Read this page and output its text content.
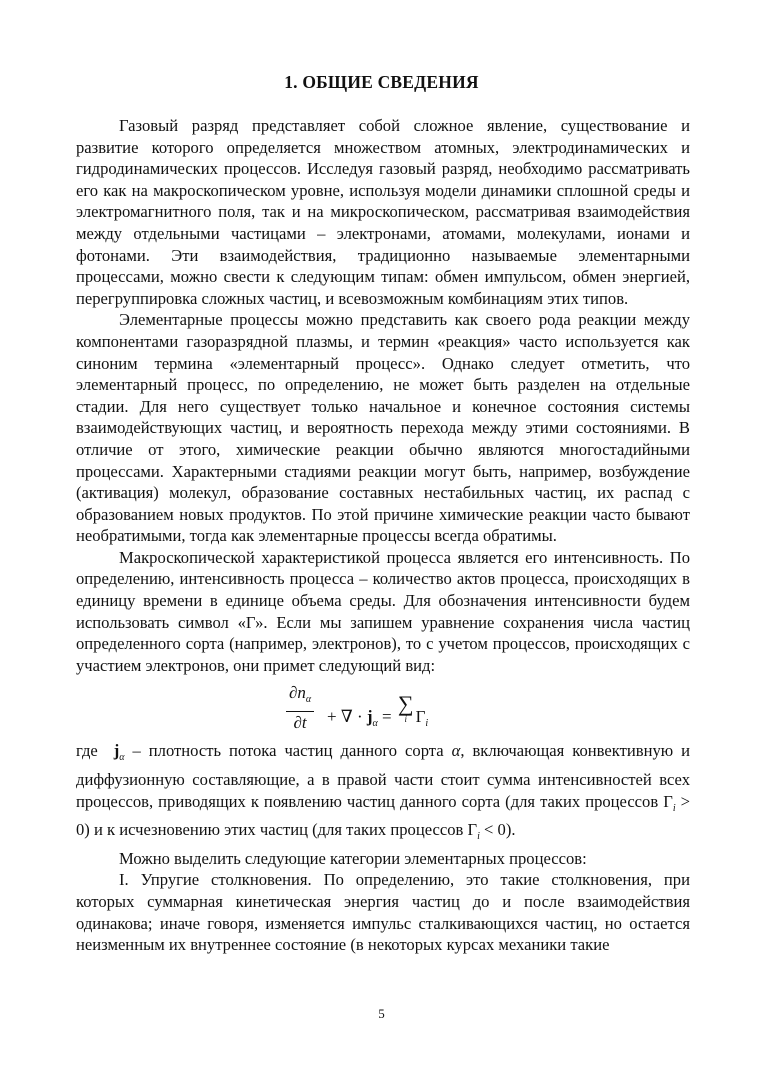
1. ОБЩИЕ СВЕДЕНИЯ

Газовый разряд представляет собой сложное явление, существование и развитие которого определяется множеством атомных, электродинамических и гидродинамических процессов. Исследуя газовый разряд, необходимо рассматривать его как на макроскопическом уровне, используя модели динамики сплошной среды и электромагнитного поля, так и на микроскопическом, рассматривая взаимодействия между отдельными частицами – электронами, атомами, молекулами, ионами и фотонами. Эти взаимодействия, традиционно называемые элементарными процессами, можно свести к следующим типам: обмен импульсом, обмен энергией, перегруппировка сложных частиц, и всевозможным комбинациям этих типов.

Элементарные процессы можно представить как своего рода реакции между компонентами газоразрядной плазмы, и термин «реакция» часто используется как синоним термина «элементарный процесс». Однако следует отметить, что элементарный процесс, по определению, не может быть разделен на отдельные стадии. Для него существует только начальное и конечное состояния системы взаимодействующих частиц, и вероятность перехода между этими состояниями. В отличие от этого, химические реакции обычно являются многостадийными процессами. Характерными стадиями реакции могут быть, например, возбуждение (активация) молекул, образование составных нестабильных частиц, их распад с образованием новых продуктов. По этой причине химические реакции часто бывают необратимыми, тогда как элементарные процессы всегда обратимы.

Макроскопической характеристикой процесса является его интенсивность. По определению, интенсивность процесса – количество актов процесса, происходящих в единицу времени в единице объема среды. Для обозначения интенсивности будем использовать символ «Г». Если мы запишем уравнение сохранения числа частиц определенного сорта (например, электронов), то с учетом процессов, происходящих с участием электронов, они примет следующий вид:

$\partial n_\alpha$
∂t	+ ∇ · $j_\alpha$ =
∑
i $\Gamma_i$

где $j_\alpha$ – плотность потока частиц данного сорта α, включающая конвективную и диффузионную составляющие, а в правой части стоит сумма интенсивностей всех процессов, приводящих к появлению частиц данного сорта (для таких процессов $\Gamma_i > 0$) и к исчезновению этих частиц (для таких процессов $\Gamma_i < 0$).

Можно выделить следующие категории элементарных процессов:

I. Упругие столкновения. По определению, это такие столкновения, при которых суммарная кинетическая энергия частиц до и после взаимодействия одинакова; иначе говоря, изменяется импульс сталкивающихся частиц, но остается неизменным их внутреннее состояние (в некоторых курсах механики такие

5
